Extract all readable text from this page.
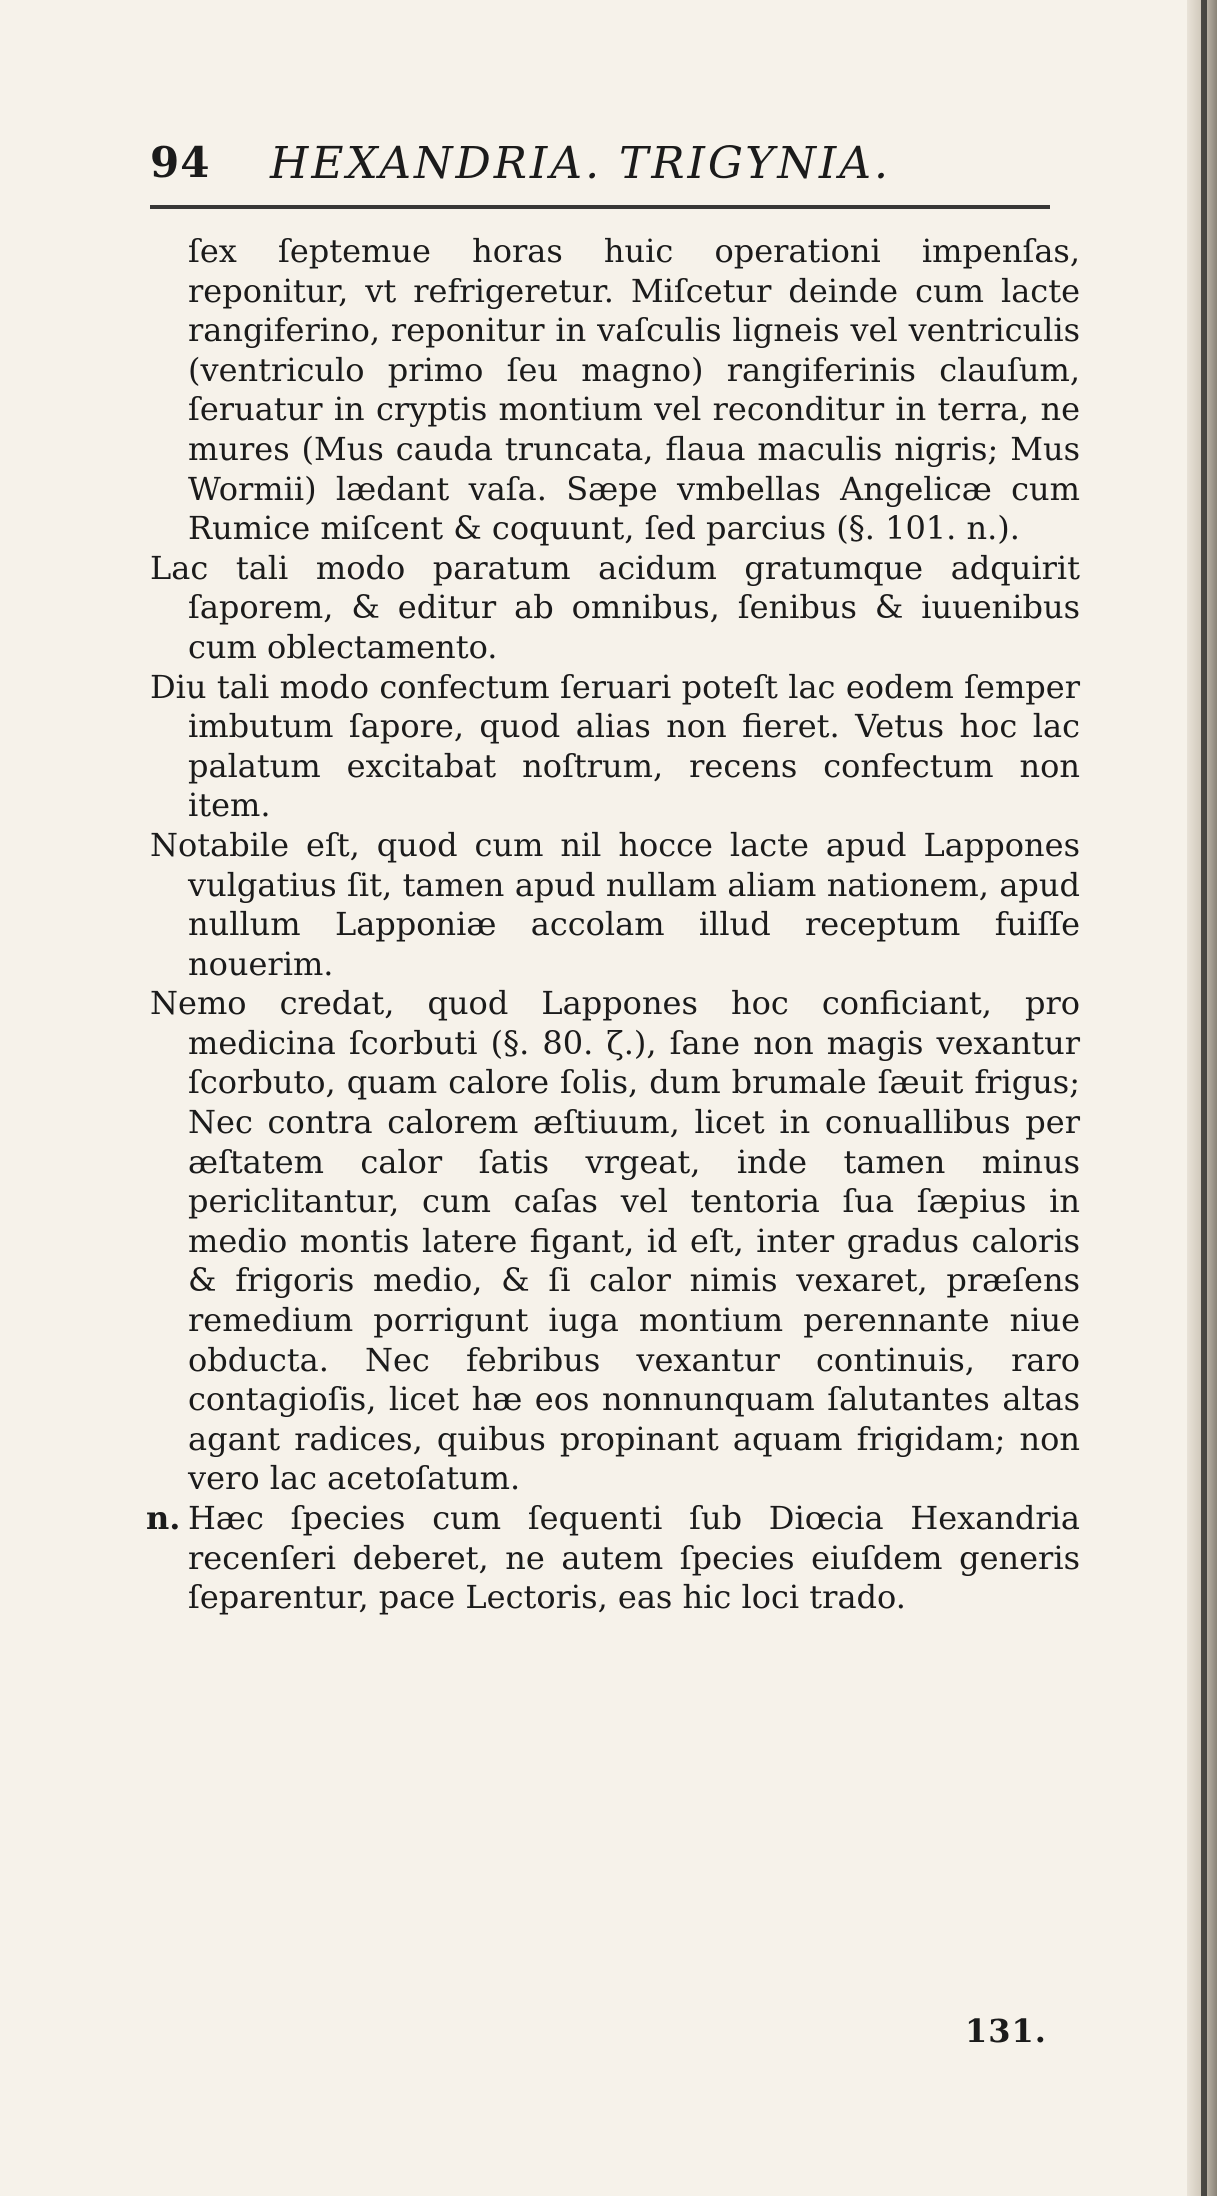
94 HEXANDRIA. TRIGYNIA.

ſex ſeptemue horas huic operationi impenſas, reponitur, vt refrigeretur. Miſcetur deinde cum lacte rangiferino, reponitur in vaſculis ligneis vel ventriculis (ventriculo primo ſeu magno) rangiferinis clauſum, ſeruatur in cryptis montium vel reconditur in terra, ne mures (Mus cauda truncata, flaua maculis nigris; Mus Wormii) lædant vaſa. Sæpe vmbellas Angelicæ cum Rumice miſcent & coquunt, ſed parcius (§. 101. n.).

Lac tali modo paratum acidum gratumque adquirit ſaporem, & editur ab omnibus, ſenibus & iuuenibus cum oblectamento.

Diu tali modo confectum ſeruari poteſt lac eodem ſemper imbutum ſapore, quod alias non fieret. Vetus hoc lac palatum excitabat noſtrum, recens confectum non item.

Notabile eſt, quod cum nil hocce lacte apud Lappones vulgatius ſit, tamen apud nullam aliam nationem, apud nullum Lapponiæ accolam illud receptum fuiſſe nouerim.

Nemo credat, quod Lappones hoc conficiant, pro medicina ſcorbuti (§. 80. ζ.), ſane non magis vexantur ſcorbuto, quam calore ſolis, dum brumale ſæuit frigus; Nec contra calorem æſtiuum, licet in conuallibus per æſtatem calor ſatis vrgeat, inde tamen minus periclitantur, cum caſas vel tentoria ſua ſæpius in medio montis latere figant, id eſt, inter gradus caloris & frigoris medio, & ſi calor nimis vexaret, præſens remedium porrigunt iuga montium perennante niue obducta. Nec febribus vexantur continuis, raro contagioſis, licet hæ eos nonnunquam ſalutantes altas agant radices, quibus propinant aquam frigidam; non vero lac acetoſatum.

n. Hæc ſpecies cum ſequenti ſub Diœcia Hexandria recenſeri deberet, ne autem ſpecies eiuſdem generis ſeparentur, pace Lectoris, eas hic loci trado.
131.
